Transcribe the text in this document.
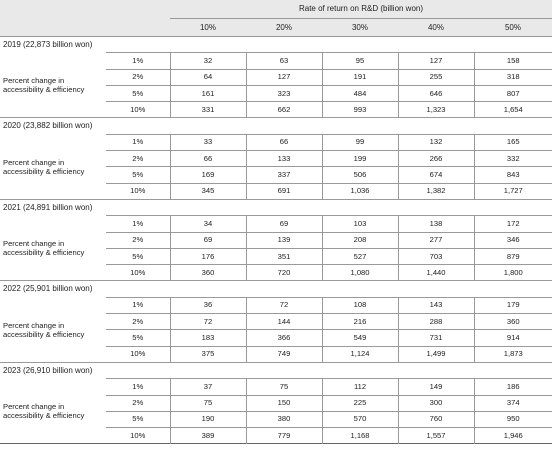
		Rate of return on R&D (billion won)				
		10%	20%	30%	40%	50%
2019 (22,873 billion won)						
Percent change in accessibility & efficiency	1%	32	63	95	127	158
	2%	64	127	191	255	318
	5%	161	323	484	646	807
	10%	331	662	993	1,323	1,654
2020 (23,882 billion won)						
Percent change in accessibility & efficiency	1%	33	66	99	132	165
	2%	66	133	199	266	332
	5%	169	337	506	674	843
	10%	345	691	1,036	1,382	1,727
2021 (24,891 billion won)						
Percent change in accessibility & efficiency	1%	34	69	103	138	172
	2%	69	139	208	277	346
	5%	176	351	527	703	879
	10%	360	720	1,080	1,440	1,800
2022 (25,901 billion won)						
Percent change in accessibility & efficiency	1%	36	72	108	143	179
	2%	72	144	216	288	360
	5%	183	366	549	731	914
	10%	375	749	1,124	1,499	1,873
2023 (26,910 billion won)						
Percent change in accessibility & efficiency	1%	37	75	112	149	186
	2%	75	150	225	300	374
	5%	190	380	570	760	950
	10%	389	779	1,168	1,557	1,946
